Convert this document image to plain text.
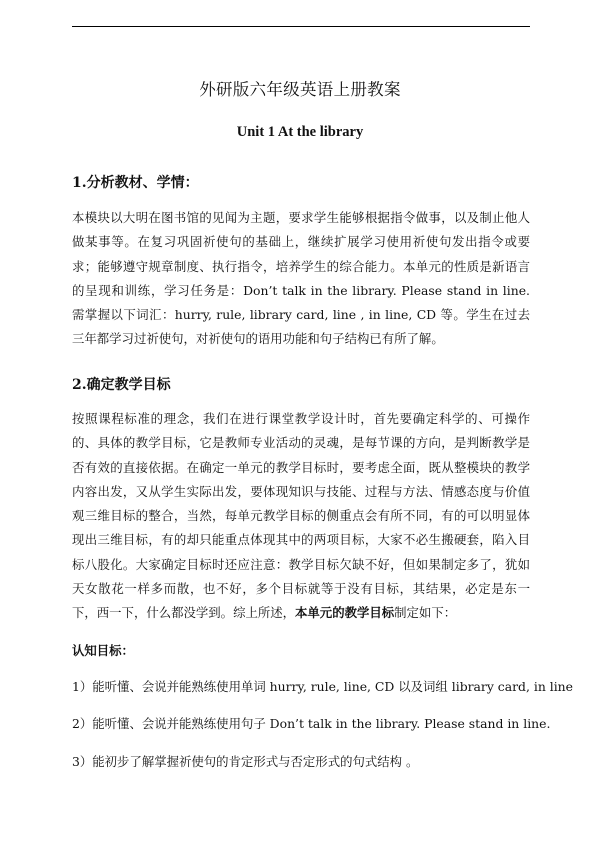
外研版六年级英语上册教案
Unit 1 At the library
1.分析教材、学情：

本模块以大明在图书馆的见闻为主题，要求学生能够根据指令做事，以及制止他人做某事等。在复习巩固祈使句的基础上，继续扩展学习使用祈使句发出指令或要求；能够遵守规章制度、执行指令，培养学生的综合能力。本单元的性质是新语言的呈现和训练，学习任务是：Don’t talk in the library. Please stand in line. 需掌握以下词汇：hurry, rule, library card, line , in line, CD 等。学生在过去三年都学习过祈使句，对祈使句的语用功能和句子结构已有所了解。

2.确定教学目标

按照课程标准的理念，我们在进行课堂教学设计时，首先要确定科学的、可操作的、具体的教学目标，它是教师专业活动的灵魂，是每节课的方向，是判断教学是否有效的直接依据。在确定一单元的教学目标时，要考虑全面，既从整模块的教学内容出发，又从学生实际出发，要体现知识与技能、过程与方法、情感态度与价值观三维目标的整合，当然，每单元教学目标的侧重点会有所不同，有的可以明显体现出三维目标，有的却只能重点体现其中的两项目标，大家不必生搬硬套，陷入目标八股化。大家确定目标时还应注意：教学目标欠缺不好，但如果制定多了，犹如天女散花一样多而散，也不好，多个目标就等于没有目标，其结果，必定是东一下，西一下，什么都没学到。综上所述，本单元的教学目标制定如下：

认知目标：
1）能听懂、会说并能熟练使用单词 hurry, rule, line, CD 以及词组 library card, in line
2）能听懂、会说并能熟练使用句子 Don’t talk in the library. Please stand in line.
3）能初步了解掌握祈使句的肯定形式与否定形式的句式结构 。
